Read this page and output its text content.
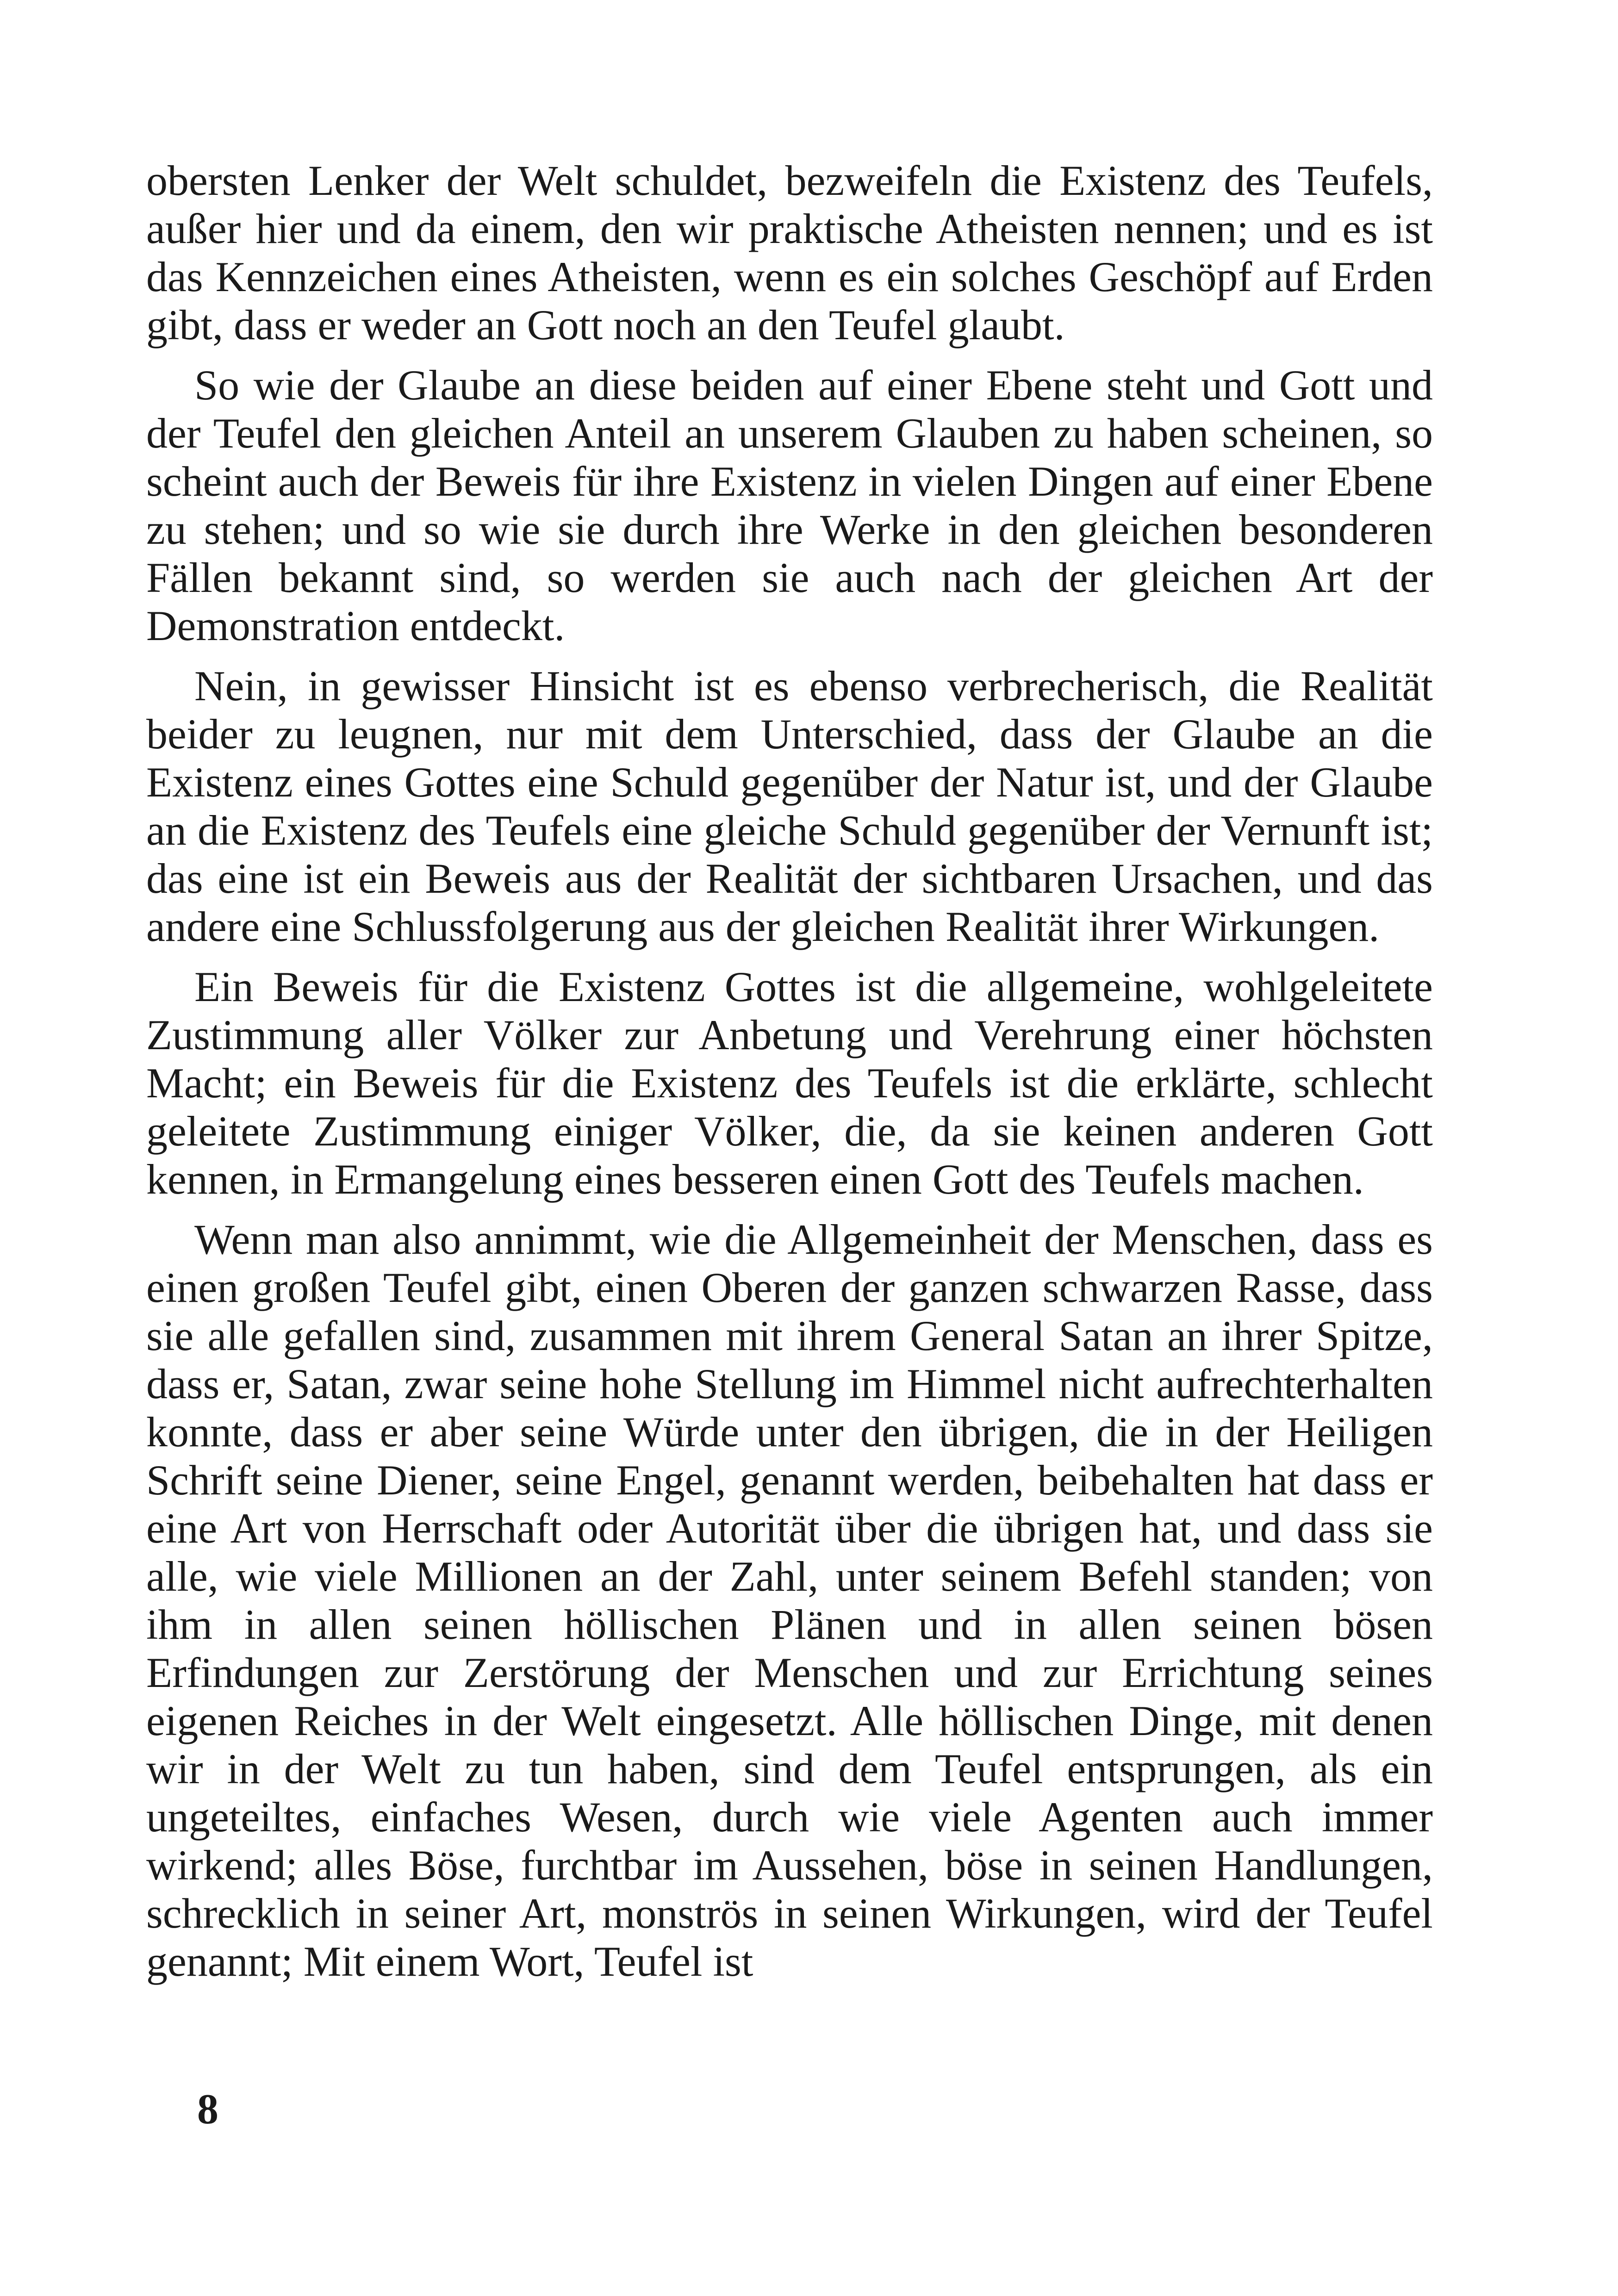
obersten Lenker der Welt schuldet, bezweifeln die Existenz des Teufels, außer hier und da einem, den wir praktische Atheisten nennen; und es ist das Kennzeichen eines Atheisten, wenn es ein solches Geschöpf auf Erden gibt, dass er weder an Gott noch an den Teufel glaubt.

So wie der Glaube an diese beiden auf einer Ebene steht und Gott und der Teufel den gleichen Anteil an unserem Glauben zu haben scheinen, so scheint auch der Beweis für ihre Existenz in vielen Dingen auf einer Ebene zu stehen; und so wie sie durch ihre Werke in den gleichen besonderen Fällen bekannt sind, so werden sie auch nach der gleichen Art der Demonstration entdeckt.

Nein, in gewisser Hinsicht ist es ebenso verbrecherisch, die Realität beider zu leugnen, nur mit dem Unterschied, dass der Glaube an die Existenz eines Gottes eine Schuld gegenüber der Natur ist, und der Glaube an die Existenz des Teufels eine gleiche Schuld gegenüber der Vernunft ist; das eine ist ein Beweis aus der Realität der sichtbaren Ursachen, und das andere eine Schlussfolgerung aus der gleichen Realität ihrer Wirkungen.

Ein Beweis für die Existenz Gottes ist die allgemeine, wohlgeleitete Zustimmung aller Völker zur Anbetung und Verehrung einer höchsten Macht; ein Beweis für die Existenz des Teufels ist die erklärte, schlecht geleitete Zustimmung einiger Völker, die, da sie keinen anderen Gott kennen, in Ermangelung eines besseren einen Gott des Teufels machen.

Wenn man also annimmt, wie die Allgemeinheit der Menschen, dass es einen großen Teufel gibt, einen Oberen der ganzen schwarzen Rasse, dass sie alle gefallen sind, zusammen mit ihrem General Satan an ihrer Spitze, dass er, Satan, zwar seine hohe Stellung im Himmel nicht aufrechterhalten konnte, dass er aber seine Würde unter den übrigen, die in der Heiligen Schrift seine Diener, seine Engel, genannt werden, beibehalten hat dass er eine Art von Herrschaft oder Autorität über die übrigen hat, und dass sie alle, wie viele Millionen an der Zahl, unter seinem Befehl standen; von ihm in allen seinen höllischen Plänen und in allen seinen bösen Erfindungen zur Zerstörung der Menschen und zur Errichtung seines eigenen Reiches in der Welt eingesetzt. Alle höllischen Dinge, mit denen wir in der Welt zu tun haben, sind dem Teufel entsprungen, als ein ungeteiltes, einfaches Wesen, durch wie viele Agenten auch immer wirkend; alles Böse, furchtbar im Aussehen, böse in seinen Handlungen, schrecklich in seiner Art, monströs in seinen Wirkungen, wird der Teufel genannt; Mit einem Wort, Teufel ist

8
